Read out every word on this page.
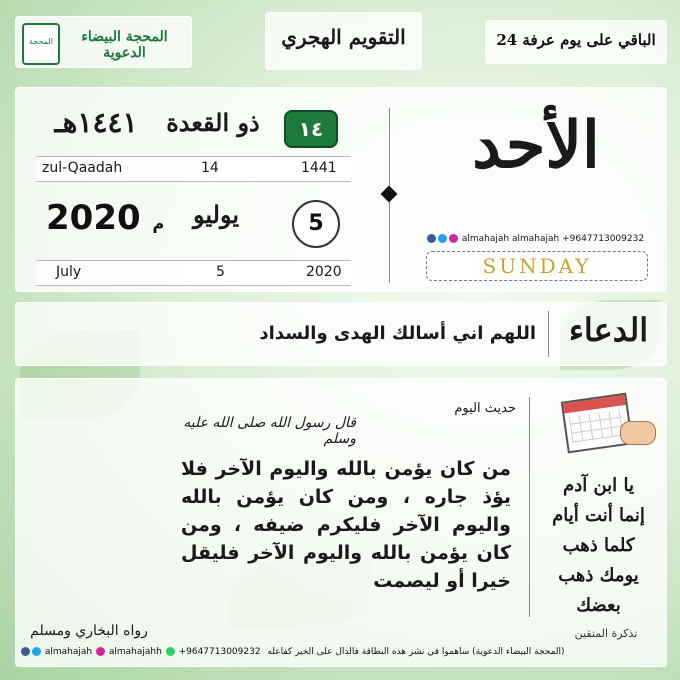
المحجة	المحجة البيضاء الدعوية
التقويم الهجري	الباقي على يوم عرفة 24
الأحد
almahajah almahajah +9647713009232
SUNDAY
١٤
ذو القعدة
١٤٤١هـ
zul-Qaadah	14	1441
5
يوليو
2020 م
July	5	2020
الدعاء
اللهم اني أسالك الهدى والسداد
يا ابن آدم
إنما أنت أيام
كلما ذهب
يومك ذهب
بعضك
تذكرة المتقين
حديث اليوم
قال رسول الله صلى الله عليه وسلم
من كان يؤمن بالله واليوم الآخر فلا يؤذ جاره ، ومن كان يؤمن بالله واليوم الآخر فليكرم ضيفه ، ومن كان يؤمن بالله واليوم الآخر فليقل خيرا أو ليصمت
رواه البخاري ومسلم
almahajah almahajahh +9647713009232 (المحجة البيضاء الدعوية) ساهموا في نشر هذه البطاقة فالدال على الخير كفاعله
